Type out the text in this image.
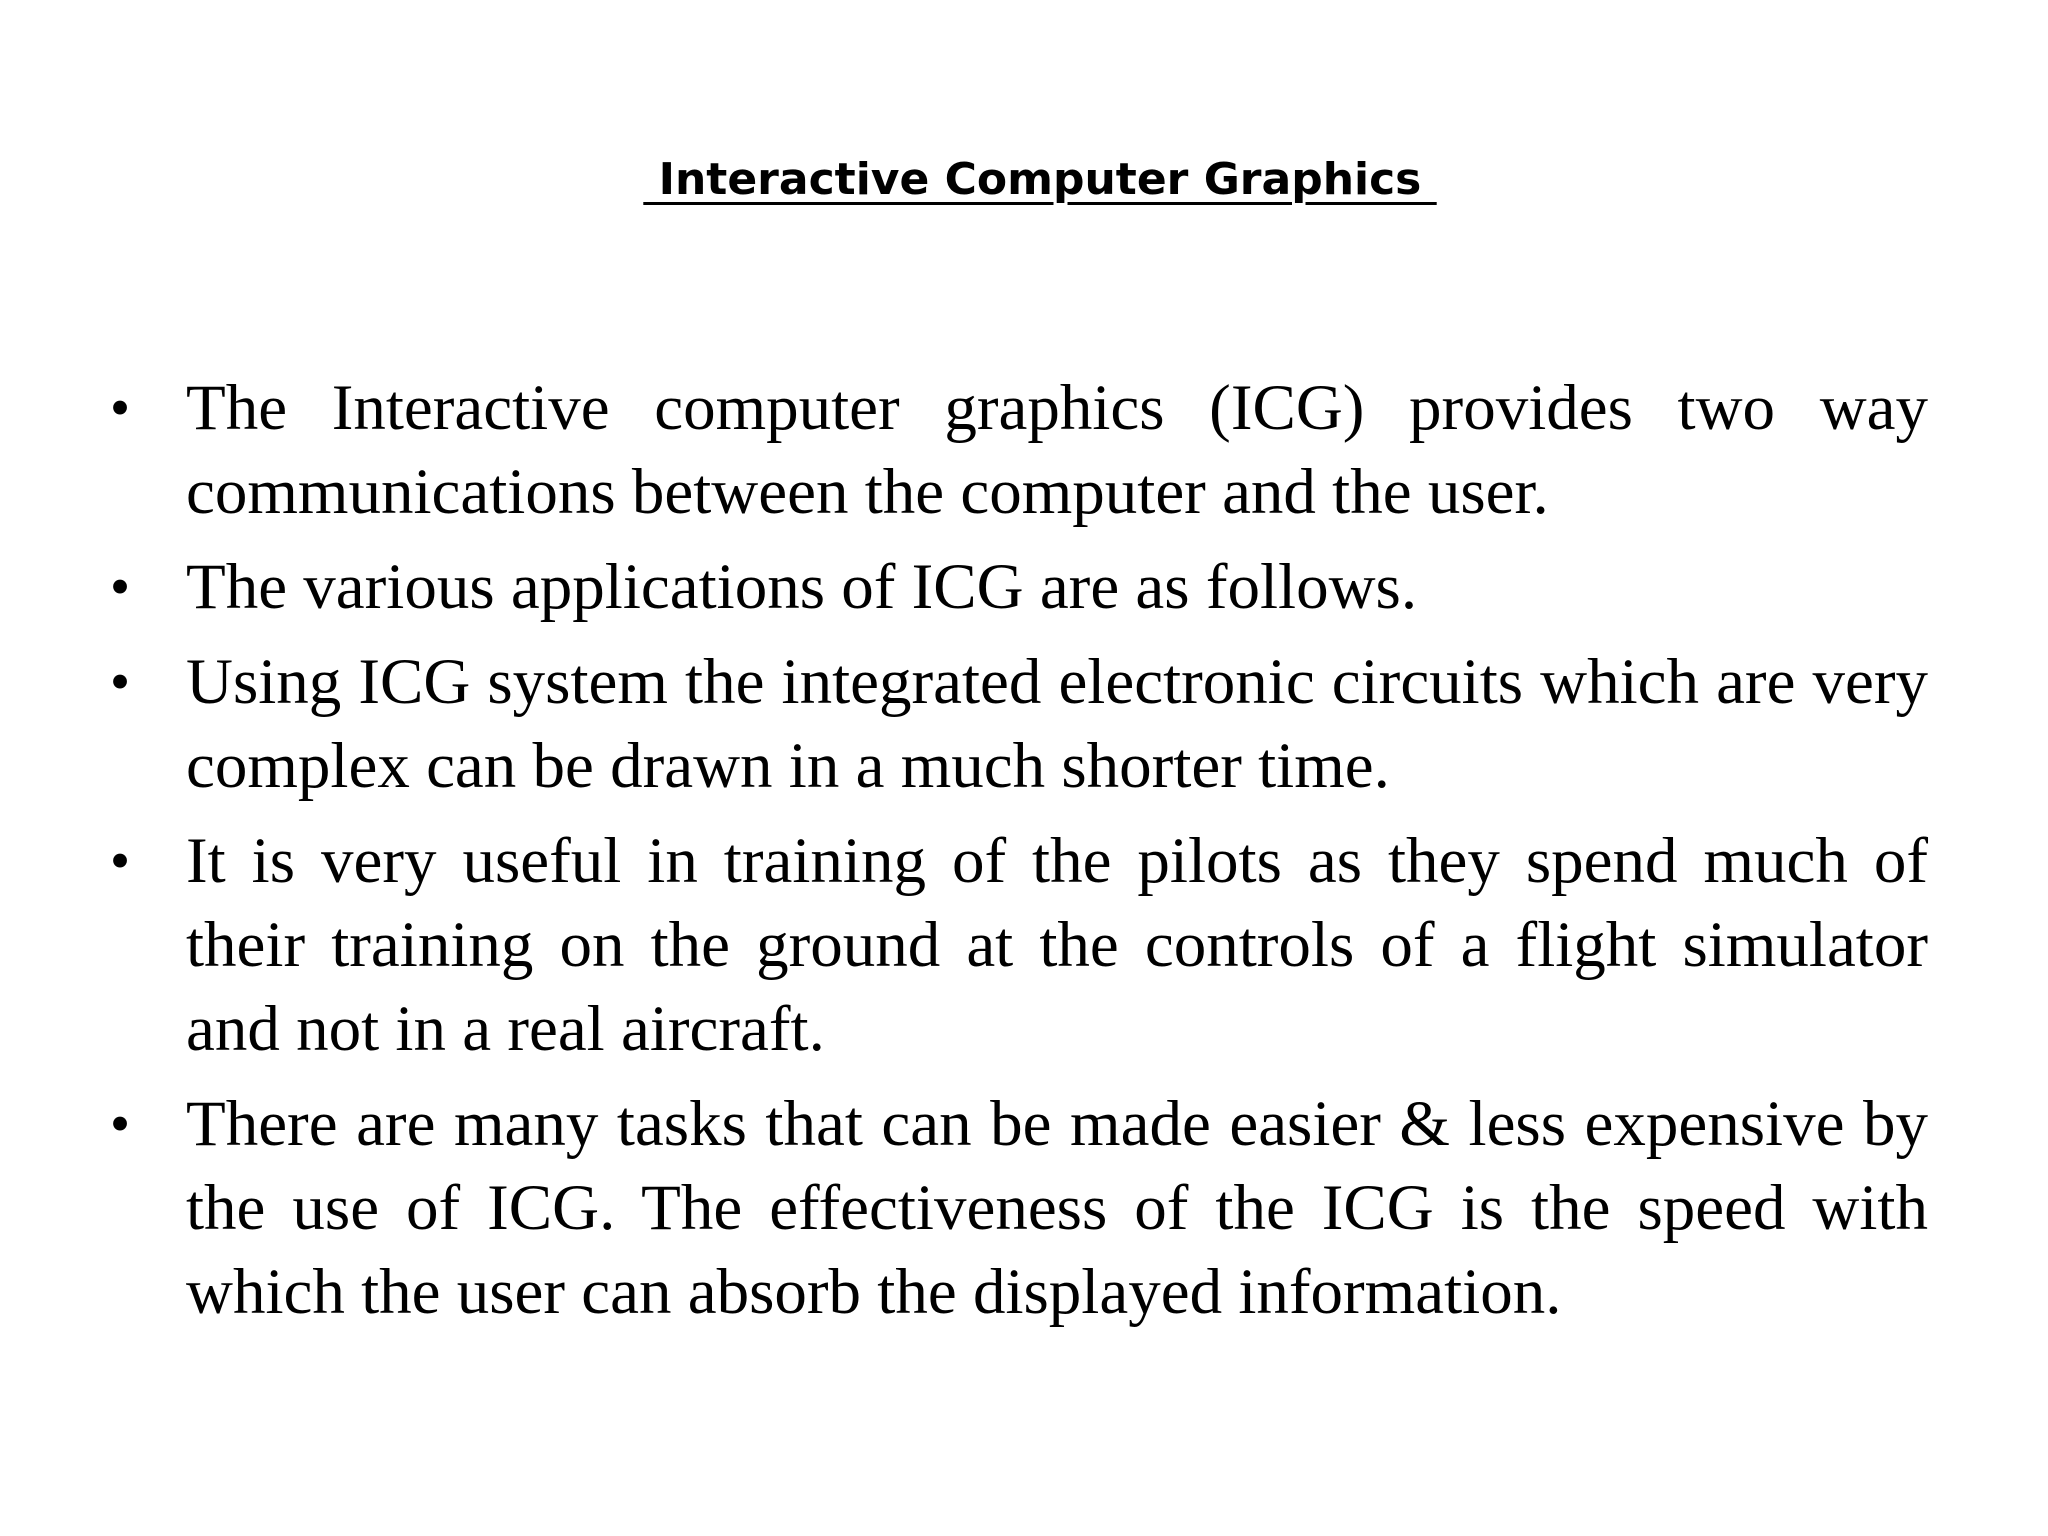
Interactive Computer Graphics
• The Interactive computer graphics (ICG) provides two way communications between the computer and the user.
• The various applications of ICG are as follows.
• Using ICG system the integrated electronic circuits which are very complex can be drawn in a much shorter time.
• It is very useful in training of the pilots as they spend much of their training on the ground at the controls of a flight simulator and not in a real aircraft.
• There are many tasks that can be made easier & less expensive by the use of ICG. The effectiveness of the ICG is the speed with which the user can absorb the displayed information.
